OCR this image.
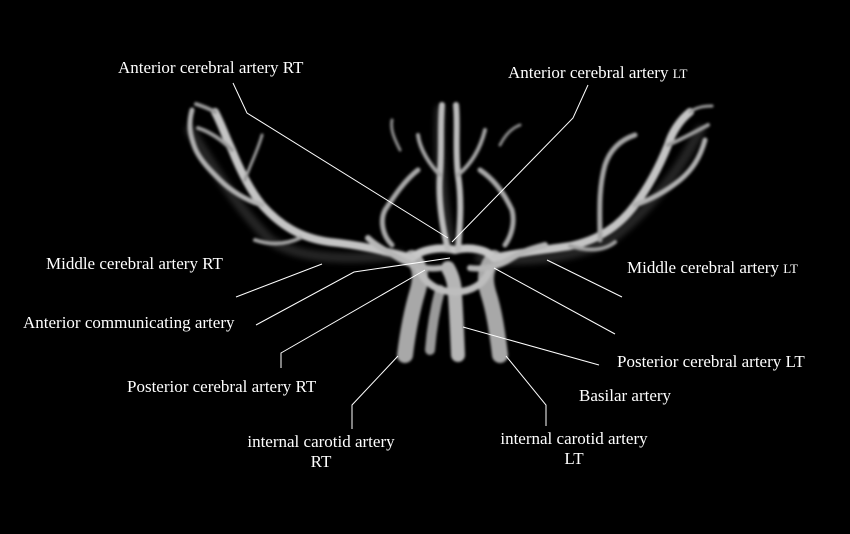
Anterior cerebral artery RT	Anterior cerebral artery LT
Middle cerebral artery RT	Middle cerebral artery LT
Anterior communicating artery
Posterior cerebral artery RT
Posterior cerebral artery LT
Basilar artery
internal carotid artery
RT
internal carotid artery
LT
